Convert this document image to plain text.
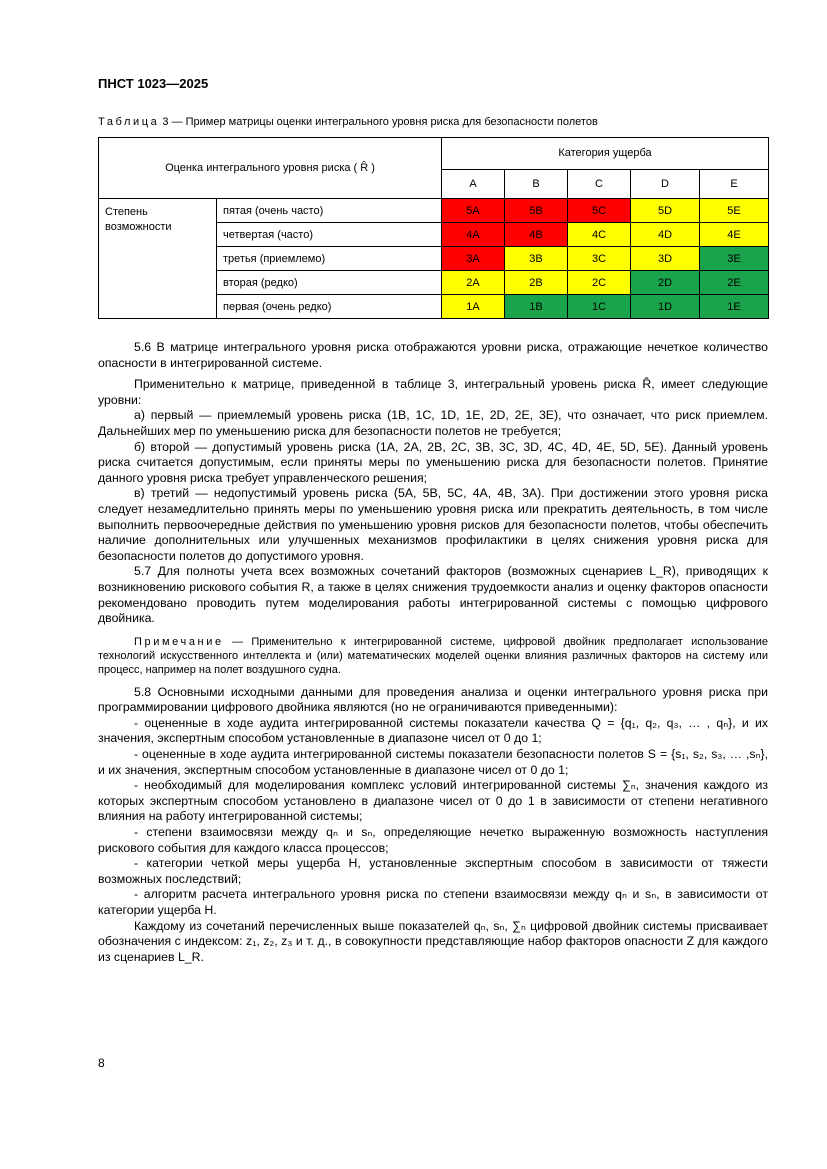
ПНСТ 1023—2025
Таблица 3 — Пример матрицы оценки интегрального уровня риска для безопасности полетов
Оценка интегрального уровня риска ( R̂ )		Категория ущерба				
		A	B	C	D	E
Степень возможности	пятая (очень часто)	5A	5B	5C	5D	5E
	четвертая (часто)	4A	4B	4C	4D	4E
	третья (приемлемо)	3A	3B	3C	3D	3E
	вторая (редко)	2A	2B	2C	2D	2E
	первая (очень редко)	1A	1B	1C	1D	1E

5.6 В матрице интегрального уровня риска отображаются уровни риска, отражающие нечеткое количество опасности в интегрированной системе.

Применительно к матрице, приведенной в таблице 3, интегральный уровень риска R̂, имеет следующие уровни:

а) первый — приемлемый уровень риска (1В, 1С, 1D, 1Е, 2D, 2Е, 3Е), что означает, что риск приемлем. Дальнейших мер по уменьшению риска для безопасности полетов не требуется;

б) второй — допустимый уровень риска (1А, 2А, 2В, 2С, 3В, 3С, 3D, 4С, 4D, 4Е, 5D, 5Е). Данный уровень риска считается допустимым, если приняты меры по уменьшению риска для безопасности полетов. Принятие данного уровня риска требует управленческого решения;

в) третий — недопустимый уровень риска (5А, 5В, 5С, 4А, 4В, 3А). При достижении этого уровня риска следует незамедлительно принять меры по уменьшению уровня риска или прекратить деятельность, в том числе выполнить первоочередные действия по уменьшению уровня рисков для безопасности полетов, чтобы обеспечить наличие дополнительных или улучшенных механизмов профилактики в целях снижения уровня риска для безопасности полетов до допустимого уровня.

5.7 Для полноты учета всех возможных сочетаний факторов (возможных сценариев L_R), приводящих к возникновению рискового события R, а также в целях снижения трудоемкости анализ и оценку факторов опасности рекомендовано проводить путем моделирования работы интегрированной системы с помощью цифрового двойника.

Примечание — Применительно к интегрированной системе, цифровой двойник предполагает использование технологий искусственного интеллекта и (или) математических моделей оценки влияния различных факторов на систему или процесс, например на полет воздушного судна.

5.8 Основными исходными данными для проведения анализа и оценки интегрального уровня риска при программировании цифрового двойника являются (но не ограничиваются приведенными):

- оцененные в ходе аудита интегрированной системы показатели качества Q = {q₁, q₂, q₃, … , qₙ}, и их значения, экспертным способом установленные в диапазоне чисел от 0 до 1;

- оцененные в ходе аудита интегрированной системы показатели безопасности полетов S = {s₁, s₂, s₃, … ,sₙ}, и их значения, экспертным способом установленные в диапазоне чисел от 0 до 1;

- необходимый для моделирования комплекс условий интегрированной системы ∑ₙ, значения каждого из которых экспертным способом установлено в диапазоне чисел от 0 до 1 в зависимости от степени негативного влияния на работу интегрированной системы;

- степени взаимосвязи между qₙ и sₙ, определяющие нечетко выраженную возможность наступления рискового события для каждого класса процессов;

- категории четкой меры ущерба H, установленные экспертным способом в зависимости от тяжести возможных последствий;

- алгоритм расчета интегрального уровня риска по степени взаимосвязи между qₙ и sₙ, в зависимости от категории ущерба H.

Каждому из сочетаний перечисленных выше показателей qₙ, sₙ, ∑ₙ цифровой двойник системы присваивает обозначения с индексом: z₁, z₂, z₃ и т. д., в совокупности представляющие набор факторов опасности Z для каждого из сценариев L_R.

8
